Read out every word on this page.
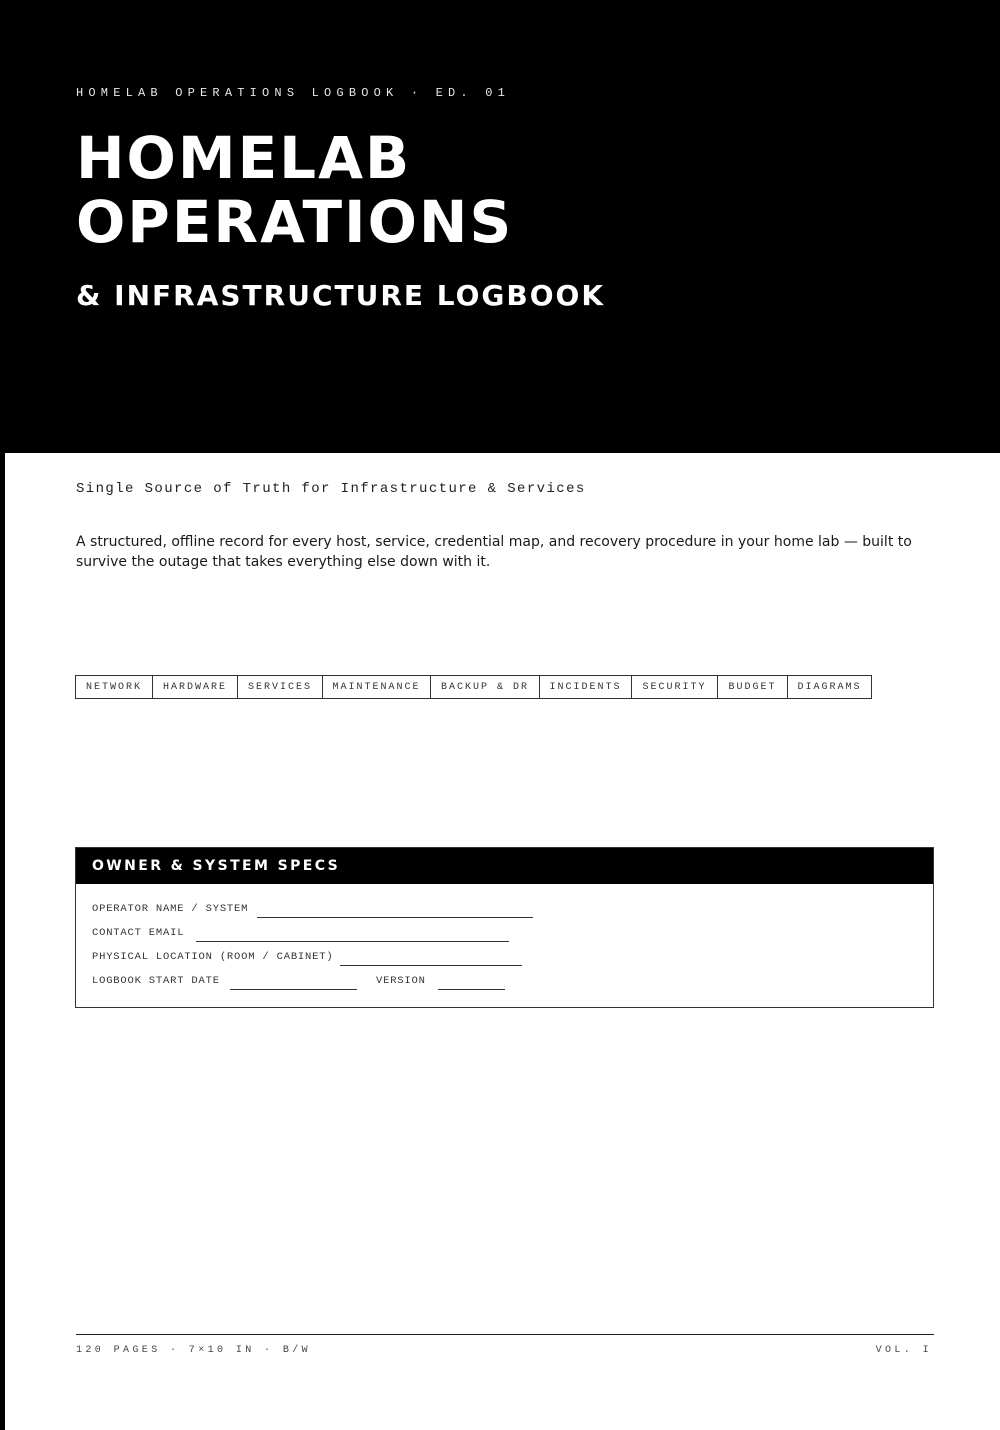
HOMELAB OPERATIONS LOGBOOK · ED. 01
HOMELAB
OPERATIONS
& INFRASTRUCTURE LOGBOOK
Single Source of Truth for Infrastructure & Services

A structured, offline record for every host, service, credential map, and recovery procedure in your home lab — built to survive the outage that takes everything else down with it.

NETWORK	HARDWARE	SERVICES	MAINTENANCE	BACKUP & DR	INCIDENTS	SECURITY	BUDGET	DIAGRAMS
OWNER & SYSTEM SPECS
OPERATOR NAME / SYSTEM
CONTACT EMAIL
PHYSICAL LOCATION (ROOM / CABINET)
LOGBOOK START DATE	VERSION
120 PAGES · 7×10 IN · B/W	VOL. I
